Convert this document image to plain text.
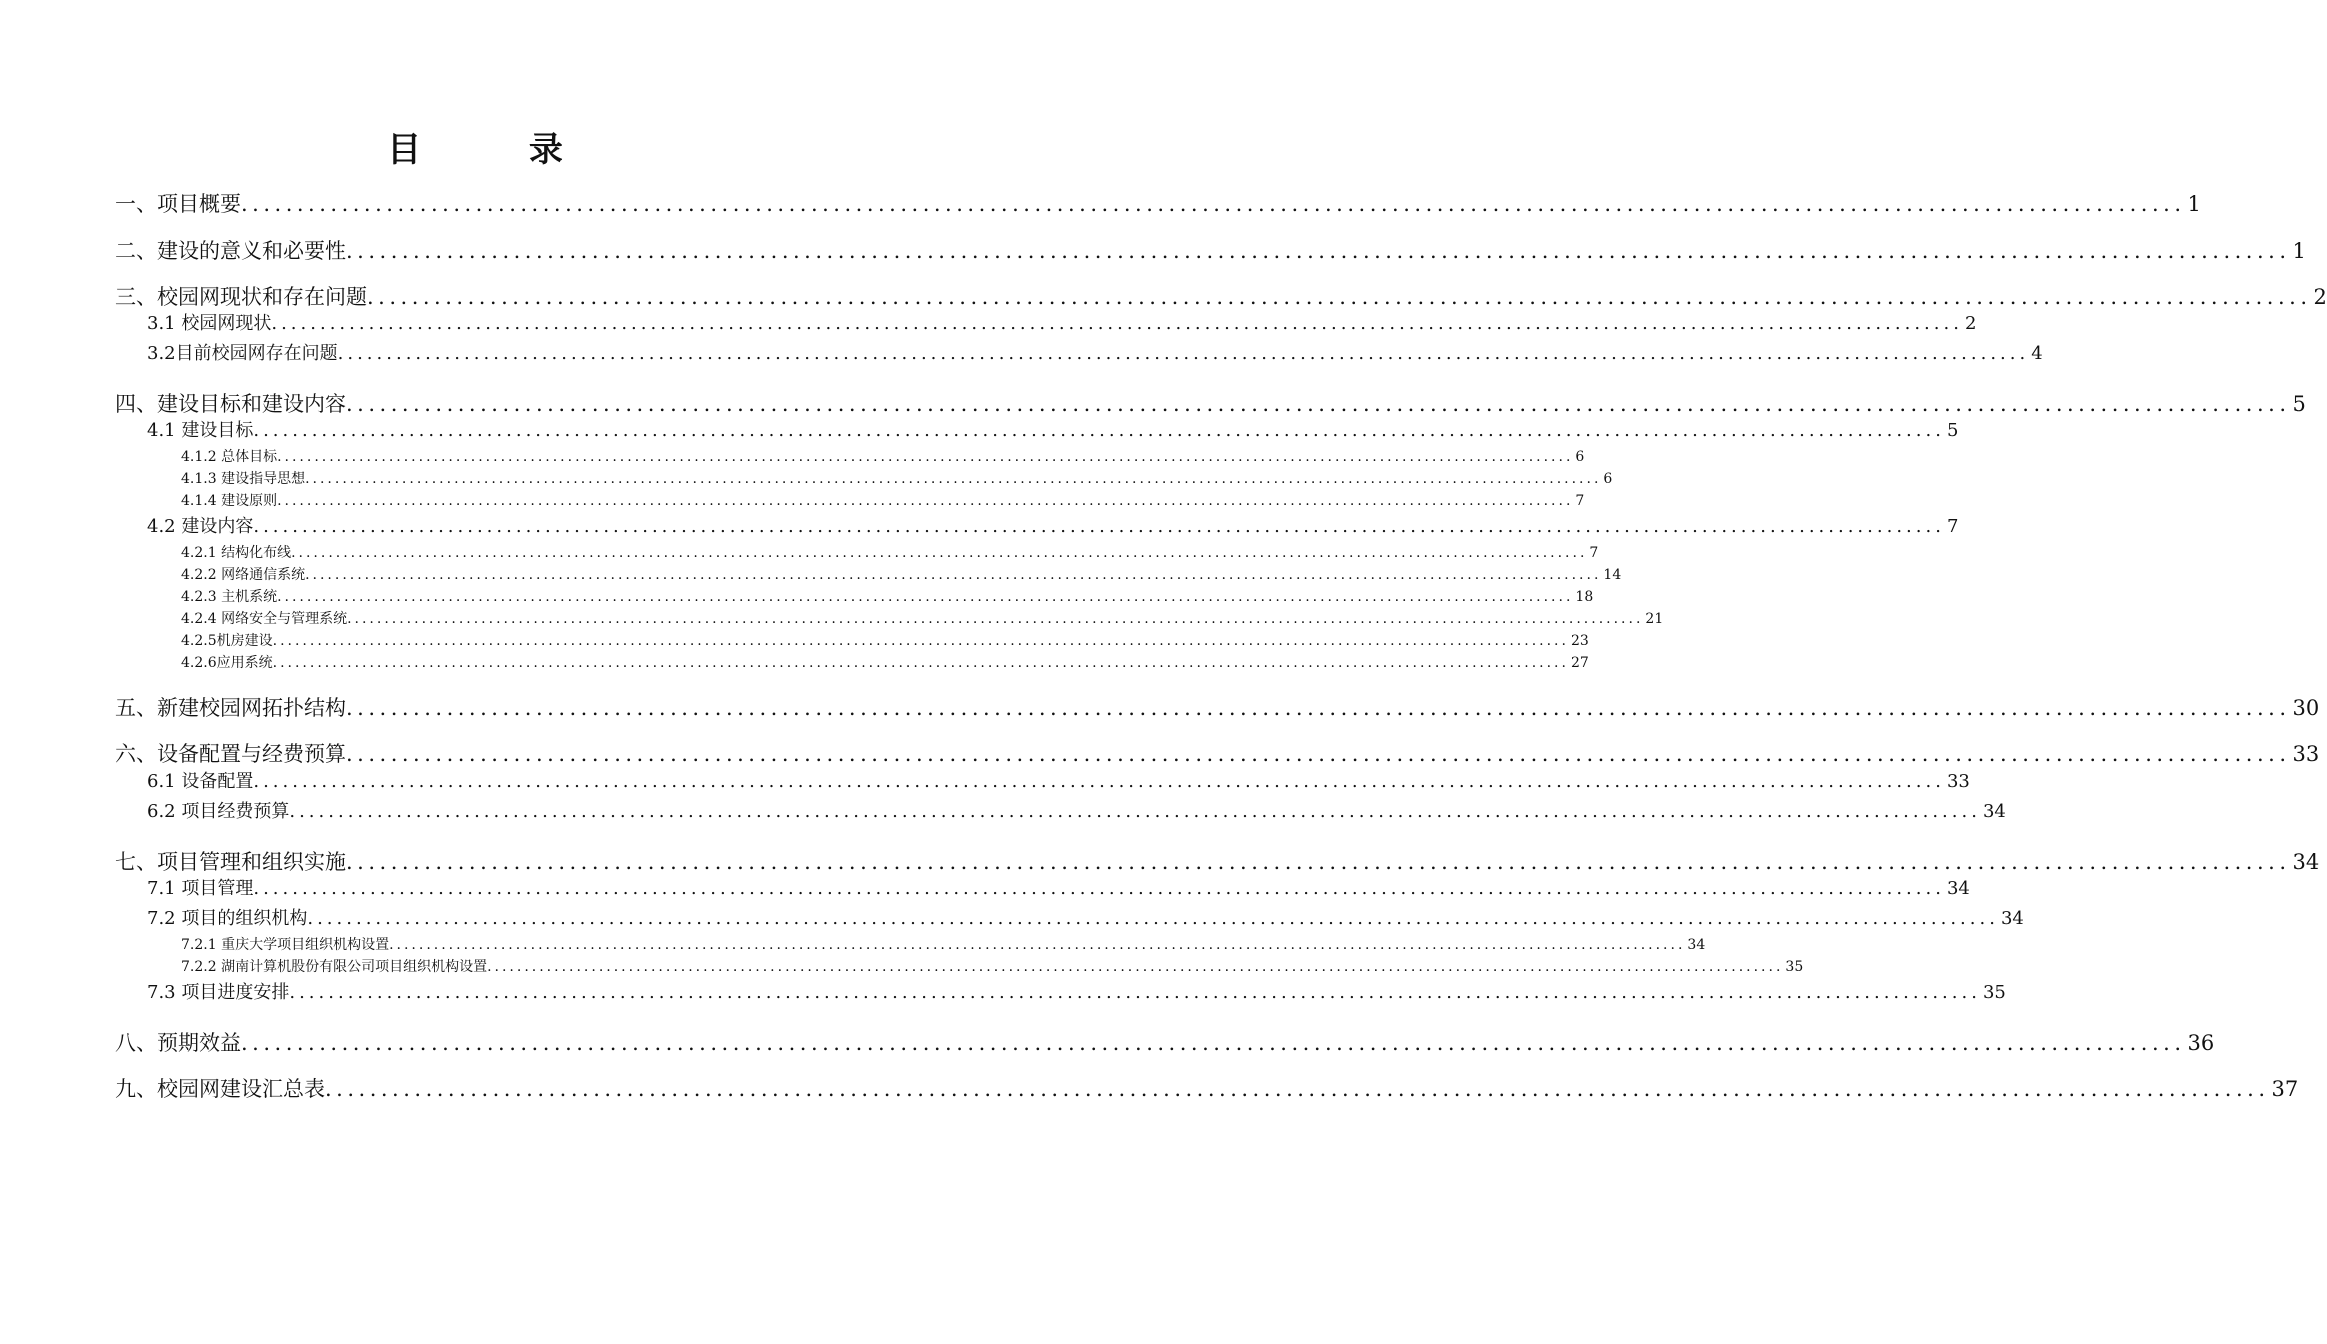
目 录
一、项目概要 .............................................................................................................................................................................. 1
二、建设的意义和必要性 .............................................................................................................................................................................. 1
三、校园网现状和存在问题 .............................................................................................................................................................................. 2
3.1 校园网现状 .............................................................................................................................................................................. 2
3.2目前校园网存在问题 .............................................................................................................................................................................. 4
四、建设目标和建设内容 .............................................................................................................................................................................. 5
4.1 建设目标 .............................................................................................................................................................................. 5
4.1.2 总体目标 .............................................................................................................................................................................. 6
4.1.3 建设指导思想 .............................................................................................................................................................................. 6
4.1.4 建设原则 .............................................................................................................................................................................. 7
4.2 建设内容 .............................................................................................................................................................................. 7
4.2.1 结构化布线 .............................................................................................................................................................................. 7
4.2.2 网络通信系统 .............................................................................................................................................................................. 14
4.2.3 主机系统 .............................................................................................................................................................................. 18
4.2.4 网络安全与管理系统 .............................................................................................................................................................................. 21
4.2.5机房建设 .............................................................................................................................................................................. 23
4.2.6应用系统 .............................................................................................................................................................................. 27
五、新建校园网拓扑结构 .............................................................................................................................................................................. 30
六、设备配置与经费预算 .............................................................................................................................................................................. 33
6.1 设备配置 .............................................................................................................................................................................. 33
6.2 项目经费预算 .............................................................................................................................................................................. 34
七、项目管理和组织实施 .............................................................................................................................................................................. 34
7.1 项目管理 .............................................................................................................................................................................. 34
7.2 项目的组织机构 .............................................................................................................................................................................. 34
7.2.1 重庆大学项目组织机构设置 .............................................................................................................................................................................. 34
7.2.2 湖南计算机股份有限公司项目组织机构设置 .............................................................................................................................................................................. 35
7.3 项目进度安排 .............................................................................................................................................................................. 35
八、预期效益 .............................................................................................................................................................................. 36
九、校园网建设汇总表 .............................................................................................................................................................................. 37
